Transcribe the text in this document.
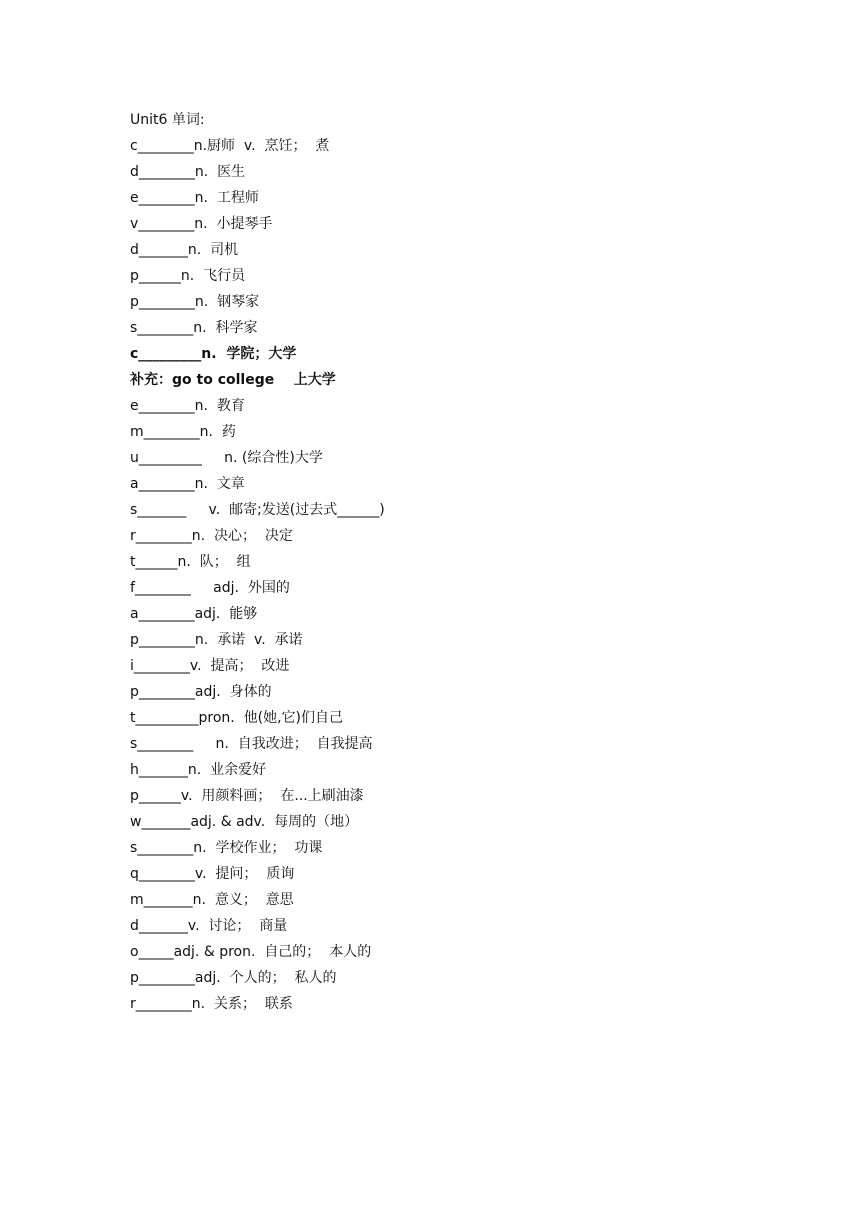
Unit6 单词:
c________n.厨师  v.  烹饪；  煮
d________n.  医生
e________n.  工程师
v________n.  小提琴手
d_______n.  司机
p______n.  飞行员
p________n.  钢琴家
s________n.  科学家
c_________n.  学院；大学
补充：go to college    上大学
e________n.  教育
m________n.  药
u_________     n. (综合性)大学
a________n.  文章
s_______     v.  邮寄;发送(过去式______)
r________n.  决心；  决定
t______n.  队；  组
f________     adj.  外国的
a________adj.  能够
p________n.  承诺  v.  承诺
i________v.  提高；  改进
p________adj.  身体的
t_________pron.  他(她,它)们自己
s________     n.  自我改进；  自我提高
h_______n.  业余爱好
p______v.  用颜料画；  在...上刷油漆
w_______adj. & adv.  每周的（地）
s________n.  学校作业；  功课
q________v.  提问；  质询
m_______n.  意义；  意思
d_______v.  讨论；  商量
o_____adj. & pron.  自己的；  本人的
p________adj.  个人的；  私人的
r________n.  关系；  联系
